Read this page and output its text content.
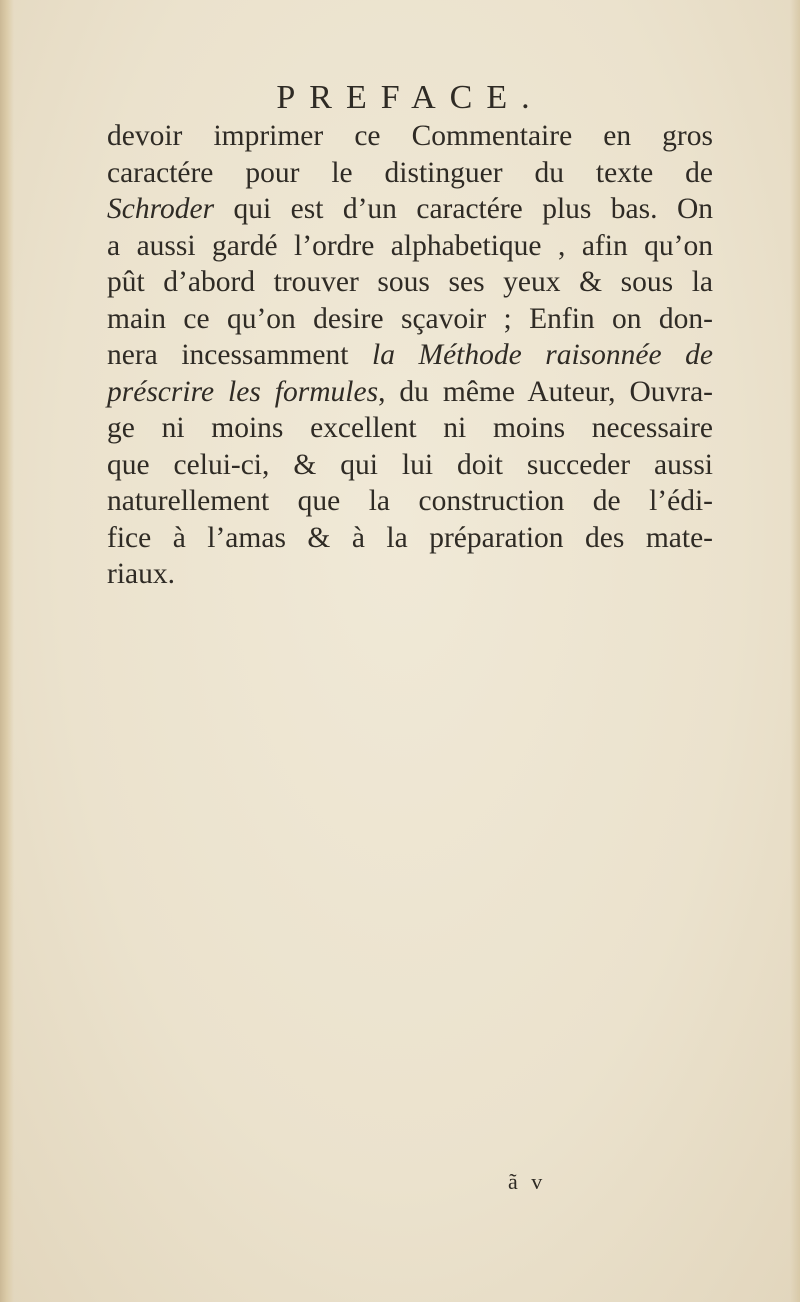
PREFACE.
devoir imprimer ce Commentaire en gros
caractére pour le distinguer du texte de
Schroder qui est d’un caractére plus bas. On
a aussi gardé l’ordre alphabetique , afin qu’on
pût d’abord trouver sous ses yeux & sous la
main ce qu’on desire sçavoir ; Enfin on don-
nera incessamment la Méthode raisonnée de
préscrire les formules, du même Auteur, Ouvra-
ge ni moins excellent ni moins necessaire
que celui-ci, & qui lui doit succeder aussi
naturellement que la construction de l’édi-
fice à l’amas & à la préparation des mate-
riaux.
ã v
